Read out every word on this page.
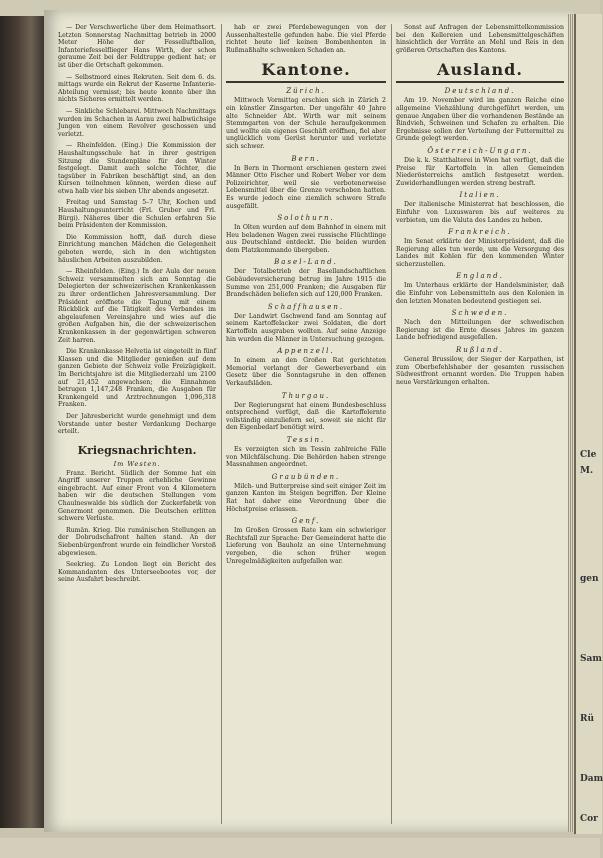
— Der Verschwerliche über dem Heimathsort. Letzten Sonnerstag Nachmittag betrieb in 2000 Meter Höhe der Fesselluftballon, Infanteriefesselflieger Hans Wirth, der schon geraume Zeit bei der Feldtruppe gedient hat; er ist über die Ortschaft gekommen.

— Selbstmord eines Rekruten. Seit dem 6. ds. mittags wurde ein Rekrut der Kaserne Infanterie-Abteilung vermisst; bis heute konnte über ihn nichts Sicheres ermittelt werden.

— Sinkliche Schlebarei. Mittwoch Nachmittags wurden im Schachen in Aarau zwei halbwüchsige Jungen von einem Revolver geschossen und verletzt.

— Rheinfelden. (Eing.) Die Kommission der Haushaltungsschule hat in ihrer gestrigen Sitzung die Stundenpläne für den Winter festgelegt. Damit auch solche Töchter, die tagsüber in Fabriken beschäftigt sind, an den Kursen teilnehmen können, werden diese auf etwa halb vier bis sieben Uhr abends angesetzt.

Freitag und Samstag 5–7 Uhr, Kochen und Haushaltungsunterricht (Frl. Gruber und Frl. Bürgi). Näheres über die Schulen erfahren Sie beim Präsidenten der Kommission.

Die Kommission hofft, daß durch diese Einrichtung manchen Mädchen die Gelegenheit geboten werde, sich in den wichtigsten häuslichen Arbeiten auszubilden.

— Rheinfelden. (Eing.) In der Aula der neuen Schweiz versammelten sich am Sonntag die Delegierten der schweizerischen Krankenkassen zu ihrer ordentlichen Jahresversammlung. Der Präsident eröffnete die Tagung mit einem Rückblick auf die Tätigkeit des Verbandes im abgelaufenen Vereinsjahre und wies auf die großen Aufgaben hin, die der schweizerischen Krankenkassen in der gegenwärtigen schweren Zeit harren.

Die Krankenkasse Helvetia ist eingeteilt in fünf Klassen und die Mitglieder genießen auf dem ganzen Gebiete der Schweiz volle Freizügigkeit. Im Berichtsjahre ist die Mitgliederzahl um 2100 auf 21,452 angewachsen; die Einnahmen betrugen 1,147,248 Franken, die Ausgaben für Krankengeld und Arztrechnungen 1,096,318 Franken.

Der Jahresbericht wurde genehmigt und dem Vorstande unter bester Verdankung Decharge erteilt.

Kriegsnachrichten.
Im Westen.

Franz. Bericht. Südlich der Somme hat ein Angriff unserer Truppen erhebliche Gewinne eingebracht. Auf einer Front von 4 Kilometern haben wir die deutschen Stellungen vom Chaulneswalde bis südlich der Zuckerfabrik von Genermont genommen. Die Deutschen erlitten schwere Verluste.

Rumän. Krieg. Die rumänischen Stellungen an der Dobrudschafront halten stand. An der Siebenbürgenfront wurde ein feindlicher Vorstoß abgewiesen.

Seekrieg. Zu London liegt ein Bericht des Kommandanten des Unterseebootes vor, der seine Ausfahrt beschreibt.

hab er zwei Pferdebewegungen von der Aussenhaltestelle gefunden habe. Die viel Pferde richtet heute lief keinen Bombenhenten in Rußmaßhalte schwenken Schaden an.

Kantone.
Zürich.

Mittwoch Vormittag erschien sich in Zürich 2 ein künstler Zinsgarten. Der ungefähr 40 Jahre alte Schneider Abt. Wirth war mit seinem Stemmgarten von der Schule heraufgekommen und wollte ein eigenes Geschäft eröffnen, fiel aber unglücklich vom Gerüst herunter und verletzte sich schwer.

Bern.

In Bern in Thormont erschienen gestern zwei Männer Otto Fischer und Robert Weber vor dem Polizeirichter, weil sie verbotenerweise Lebensmittel über die Grenze verschoben hatten. Es wurde jedoch eine ziemlich schwere Strafe ausgefällt.

Solothurn.

In Olten wurden auf dem Bahnhof in einem mit Heu beladenen Wagen zwei russische Flüchtlinge aus Deutschland entdeckt. Die beiden wurden dem Platzkommando übergeben.

Basel-Land.

Der Totalbetrieb der Basellandschaftlichen Gebäudeversicherung betrug im Jahre 1915 die Summe von 251,000 Franken; die Ausgaben für Brandschäden beliefen sich auf 120,000 Franken.

Schaffhausen.

Der Landwirt Gschwend fand am Sonntag auf seinem Kartoffelacker zwei Soldaten, die dort Kartoffeln ausgraben wollten. Auf seine Anzeige hin wurden die Männer in Untersuchung gezogen.

Appenzell.

In einem an den Großen Rat gerichteten Memorial verlangt der Gewerbeverband ein Gesetz über die Sonntagsruhe in den offenen Verkaufsläden.

Thurgau.

Der Regierungsrat hat einem Bundesbeschluss entsprechend verfügt, daß die Kartoffelernte vollständig einzuliefern sei, soweit sie nicht für den Eigenbedarf benötigt wird.

Tessin.

Es verzeigten sich im Tessin zahlreiche Fälle von Milchfälschung. Die Behörden haben strenge Massnahmen angeordnet.

Graubünden.

Milch- und Butterpreise sind seit einiger Zeit im ganzen Kanton im Steigen begriffen. Der Kleine Rat hat daher eine Verordnung über die Höchstpreise erlassen.

Genf.

Im Großen Grossen Rate kam ein schwieriger Rechtsfall zur Sprache: Der Gemeinderat hatte die Lieferung von Bauholz an eine Unternehmung vergeben, die schon früher wegen Unregelmäßigkeiten aufgefallen war.

Sonst auf Anfragen der Lebensmittelkommission bei den Kellereien und Lebensmittelgeschäften hinsichtlich der Vorräte an Mehl und Reis in den größeren Ortschaften des Kantons.

Ausland.
Deutschland.

Am 19. November wird im ganzen Reiche eine allgemeine Viehzählung durchgeführt werden, um genaue Angaben über die vorhandenen Bestände an Rindvieh, Schweinen und Schafen zu erhalten. Die Ergebnisse sollen der Verteilung der Futtermittel zu Grunde gelegt werden.

Österreich-Ungarn.

Die k. k. Statthalterei in Wien hat verfügt, daß die Preise für Kartoffeln in allen Gemeinden Niederösterreichs amtlich festgesetzt werden. Zuwiderhandlungen werden streng bestraft.

Italien.

Der italienische Ministerrat hat beschlossen, die Einfuhr von Luxuswaren bis auf weiteres zu verbieten, um die Valuta des Landes zu heben.

Frankreich.

Im Senat erklärte der Ministerpräsident, daß die Regierung alles tun werde, um die Versorgung des Landes mit Kohlen für den kommenden Winter sicherzustellen.

England.

Im Unterhaus erklärte der Handelsminister, daß die Einfuhr von Lebensmitteln aus den Kolonien in den letzten Monaten bedeutend gestiegen sei.

Schweden.

Nach den Mitteilungen der schwedischen Regierung ist die Ernte dieses Jahres im ganzen Lande befriedigend ausgefallen.

Rußland.

General Brussilow, der Sieger der Karpathen, ist zum Oberbefehlshaber der gesamten russischen Südwestfront ernannt worden. Die Truppen haben neue Verstärkungen erhalten.

Cle
M.
gen
Sam
Rü
Dam
Cor
